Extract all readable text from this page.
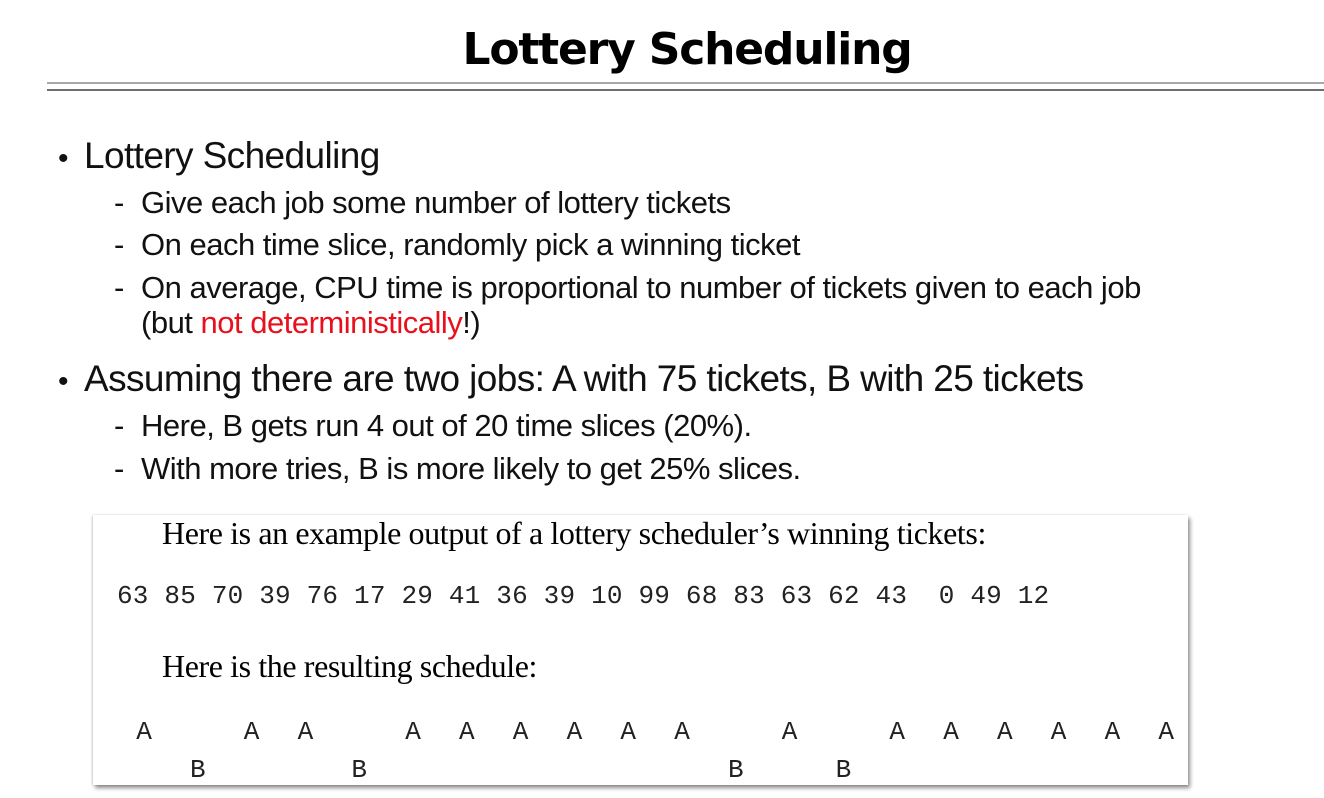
Lottery Scheduling
• Lottery Scheduling
- Give each job some number of lottery tickets
- On each time slice, randomly pick a winning ticket
- On average, CPU time is proportional to number of tickets given to each job
(but not deterministically!)
• Assuming there are two jobs: A with 75 tickets, B with 25 tickets
- Here, B gets run 4 out of 20 time slices (20%).
- With more tries, B is more likely to get 25% slices.
Here is an example output of a lottery scheduler’s winning tickets:
63 85 70 39 76 17 29 41 36 39 10 99 68 83 63 62 43  0 49 12
Here is the resulting schedule:
A
B
A A
B
A A A A A A
B
A
B
A A A A A A
